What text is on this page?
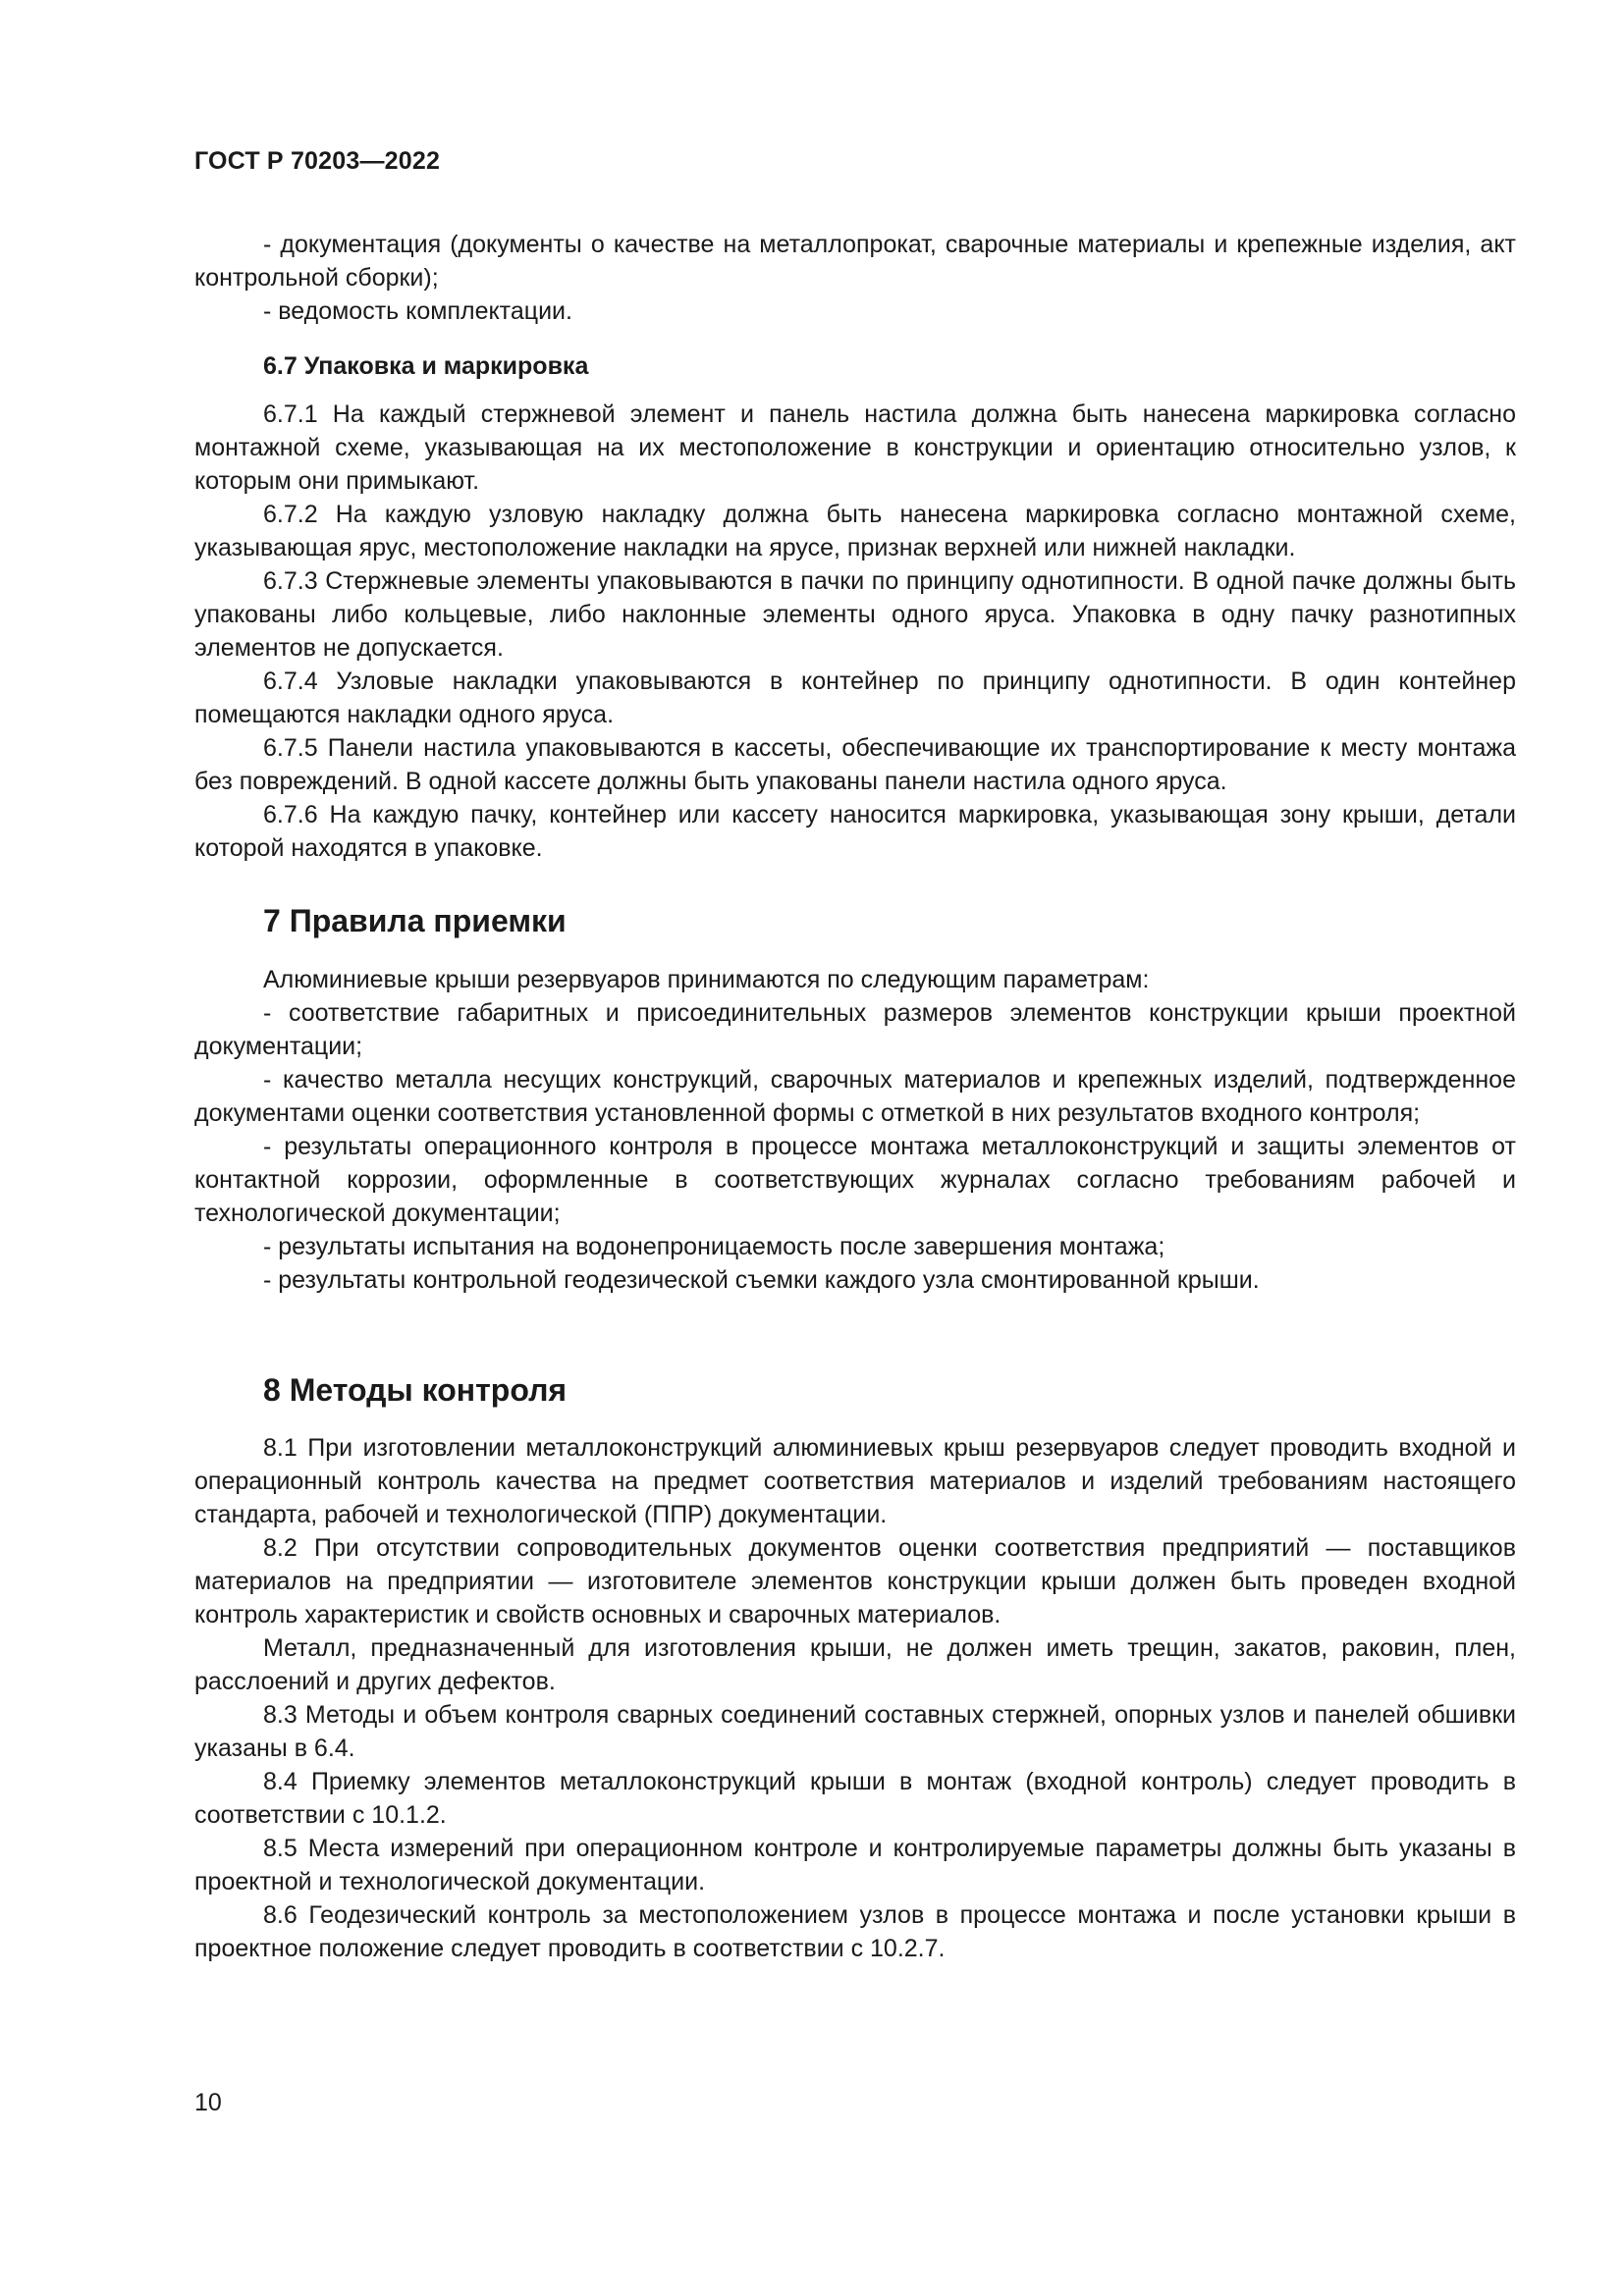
ГОСТ Р 70203—2022

- документация (документы о качестве на металлопрокат, сварочные материалы и крепежные изделия, акт контрольной сборки);

- ведомость комплектации.

6.7 Упаковка и маркировка

6.7.1 На каждый стержневой элемент и панель настила должна быть нанесена маркировка согласно монтажной схеме, указывающая на их местоположение в конструкции и ориентацию относительно узлов, к которым они примыкают.

6.7.2 На каждую узловую накладку должна быть нанесена маркировка согласно монтажной схеме, указывающая ярус, местоположение накладки на ярусе, признак верхней или нижней накладки.

6.7.3 Стержневые элементы упаковываются в пачки по принципу однотипности. В одной пачке должны быть упакованы либо кольцевые, либо наклонные элементы одного яруса. Упаковка в одну пачку разнотипных элементов не допускается.

6.7.4 Узловые накладки упаковываются в контейнер по принципу однотипности. В один контейнер помещаются накладки одного яруса.

6.7.5 Панели настила упаковываются в кассеты, обеспечивающие их транспортирование к месту монтажа без повреждений. В одной кассете должны быть упакованы панели настила одного яруса.

6.7.6 На каждую пачку, контейнер или кассету наносится маркировка, указывающая зону крыши, детали которой находятся в упаковке.

7 Правила приемки

Алюминиевые крыши резервуаров принимаются по следующим параметрам:

- соответствие габаритных и присоединительных размеров элементов конструкции крыши проектной документации;

- качество металла несущих конструкций, сварочных материалов и крепежных изделий, подтвержденное документами оценки соответствия установленной формы с отметкой в них результатов входного контроля;

- результаты операционного контроля в процессе монтажа металлоконструкций и защиты элементов от контактной коррозии, оформленные в соответствующих журналах согласно требованиям рабочей и технологической документации;

- результаты испытания на водонепроницаемость после завершения монтажа;

- результаты контрольной геодезической съемки каждого узла смонтированной крыши.

8 Методы контроля

8.1 При изготовлении металлоконструкций алюминиевых крыш резервуаров следует проводить входной и операционный контроль качества на предмет соответствия материалов и изделий требованиям настоящего стандарта, рабочей и технологической (ППР) документации.

8.2 При отсутствии сопроводительных документов оценки соответствия предприятий — поставщиков материалов на предприятии — изготовителе элементов конструкции крыши должен быть проведен входной контроль характеристик и свойств основных и сварочных материалов.

Металл, предназначенный для изготовления крыши, не должен иметь трещин, закатов, раковин, плен, расслоений и других дефектов.

8.3 Методы и объем контроля сварных соединений составных стержней, опорных узлов и панелей обшивки указаны в 6.4.

8.4 Приемку элементов металлоконструкций крыши в монтаж (входной контроль) следует проводить в соответствии с 10.1.2.

8.5 Места измерений при операционном контроле и контролируемые параметры должны быть указаны в проектной и технологической документации.

8.6 Геодезический контроль за местоположением узлов в процессе монтажа и после установки крыши в проектное положение следует проводить в соответствии с 10.2.7.

10
